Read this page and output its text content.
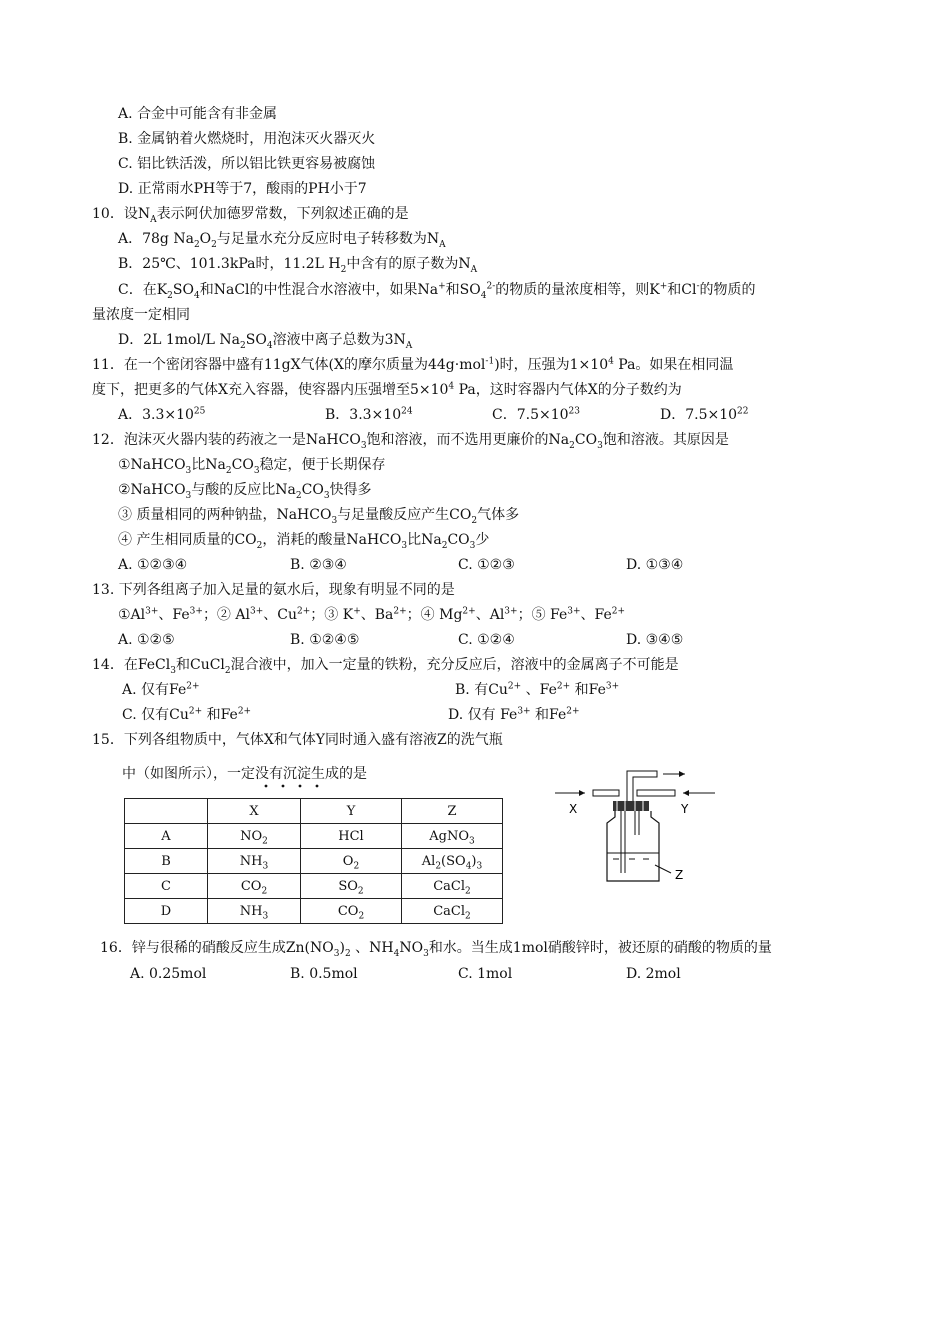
A. 合金中可能含有非金属
B. 金属钠着火燃烧时，用泡沫灭火器灭火
C. 铝比铁活泼，所以铝比铁更容易被腐蚀
D. 正常雨水PH等于7，酸雨的PH小于7
10．设$N_A$表示阿伏加德罗常数，下列叙述正确的是
A．78g $Na_2O_2$与足量水充分反应时电子转移数为$N_A$
B．25℃、101.3kPa时，11.2L $H_2$中含有的原子数为$N_A$
C．在$K_2SO_4$和NaCl的中性混合水溶液中，如果Na+和$SO_4^{2-}$的物质的量浓度相等，则K+和Cl-的物质的
量浓度一定相同
D．2L 1mol/L $Na_2SO_4$溶液中离子总数为$3N_A$
11．在一个密闭容器中盛有11gX气体(X的摩尔质量为44g·mol$^{-1}$)时，压强为$1\times 10^4$ Pa。如果在相同温
度下，把更多的气体X充入容器，使容器内压强增至$5\times 10^4$ Pa，这时容器内气体X的分子数约为
A．$3.3\times 10^{25}$	B．$3.3\times 10^{24}$	C．$7.5\times 10^{23}$	D．$7.5\times 10^{22}$
12．泡沫灭火器内装的药液之一是NaHCO$_3$饱和溶液，而不选用更廉价的$Na_2CO_3$饱和溶液。其原因是
①NaHCO$_3$比$Na_2CO_3$稳定，便于长期保存
②NaHCO$_3$与酸的反应比$Na_2CO_3$快得多
③ 质量相同的两种钠盐，NaHCO$_3$与足量酸反应产生$CO_2$气体多
④ 产生相同质量的$CO_2$，消耗的酸量NaHCO$_3$比$Na_2CO_3$少
A. ①②③④	B. ②③④	C. ①②③	D. ①③④
13. 下列各组离子加入足量的氨水后，现象有明显不同的是
$①Al^{3+}$、$Fe^{3+}$；② $Al^{3+}$、$Cu^{2+}$；③ K+、$Ba^{2+}$；④ $Mg^{2+}$、$Al^{3+}$；⑤ $Fe^{3+}$、$Fe^{2+}$
A. ①②⑤	B. ①②④⑤	C. ①②④	D. ③④⑤
14．在FeCl$_3$和CuCl$_2$混合液中，加入一定量的铁粉，充分反应后，溶液中的金属离子不可能是
A. 仅有$Fe^{2+}$	B. 有$Cu^{2+}$ 、$Fe^{2+}$ 和$Fe^{3+}$
C. 仅有$Cu^{2+}$ 和$Fe^{2+}$	D. 仅有 $Fe^{3+}$ 和$Fe^{2+}$
15．下列各组物质中，气体X和气体Y同时通入盛有溶液Z的洗气瓶
中（如图所示），一定没有沉淀生成的是
	X	Y	Z
A	$NO_2$	HCl	AgNO$_3$
B	$NH_3$	$O_2$	$Al_2(SO_4)_3$
C	$CO_2$	$SO_2$	CaCl$_2$
D	$NH_3$	$CO_2$	CaCl$_2$
X	Y
Z
16．锌与很稀的硝酸反应生成$Zn(NO_3)_2$ 、$NH_4NO_3$和水。当生成1mol硝酸锌时，被还原的硝酸的物质的量
A. 0.25mol	B. 0.5mol	C. 1mol	D. 2mol
